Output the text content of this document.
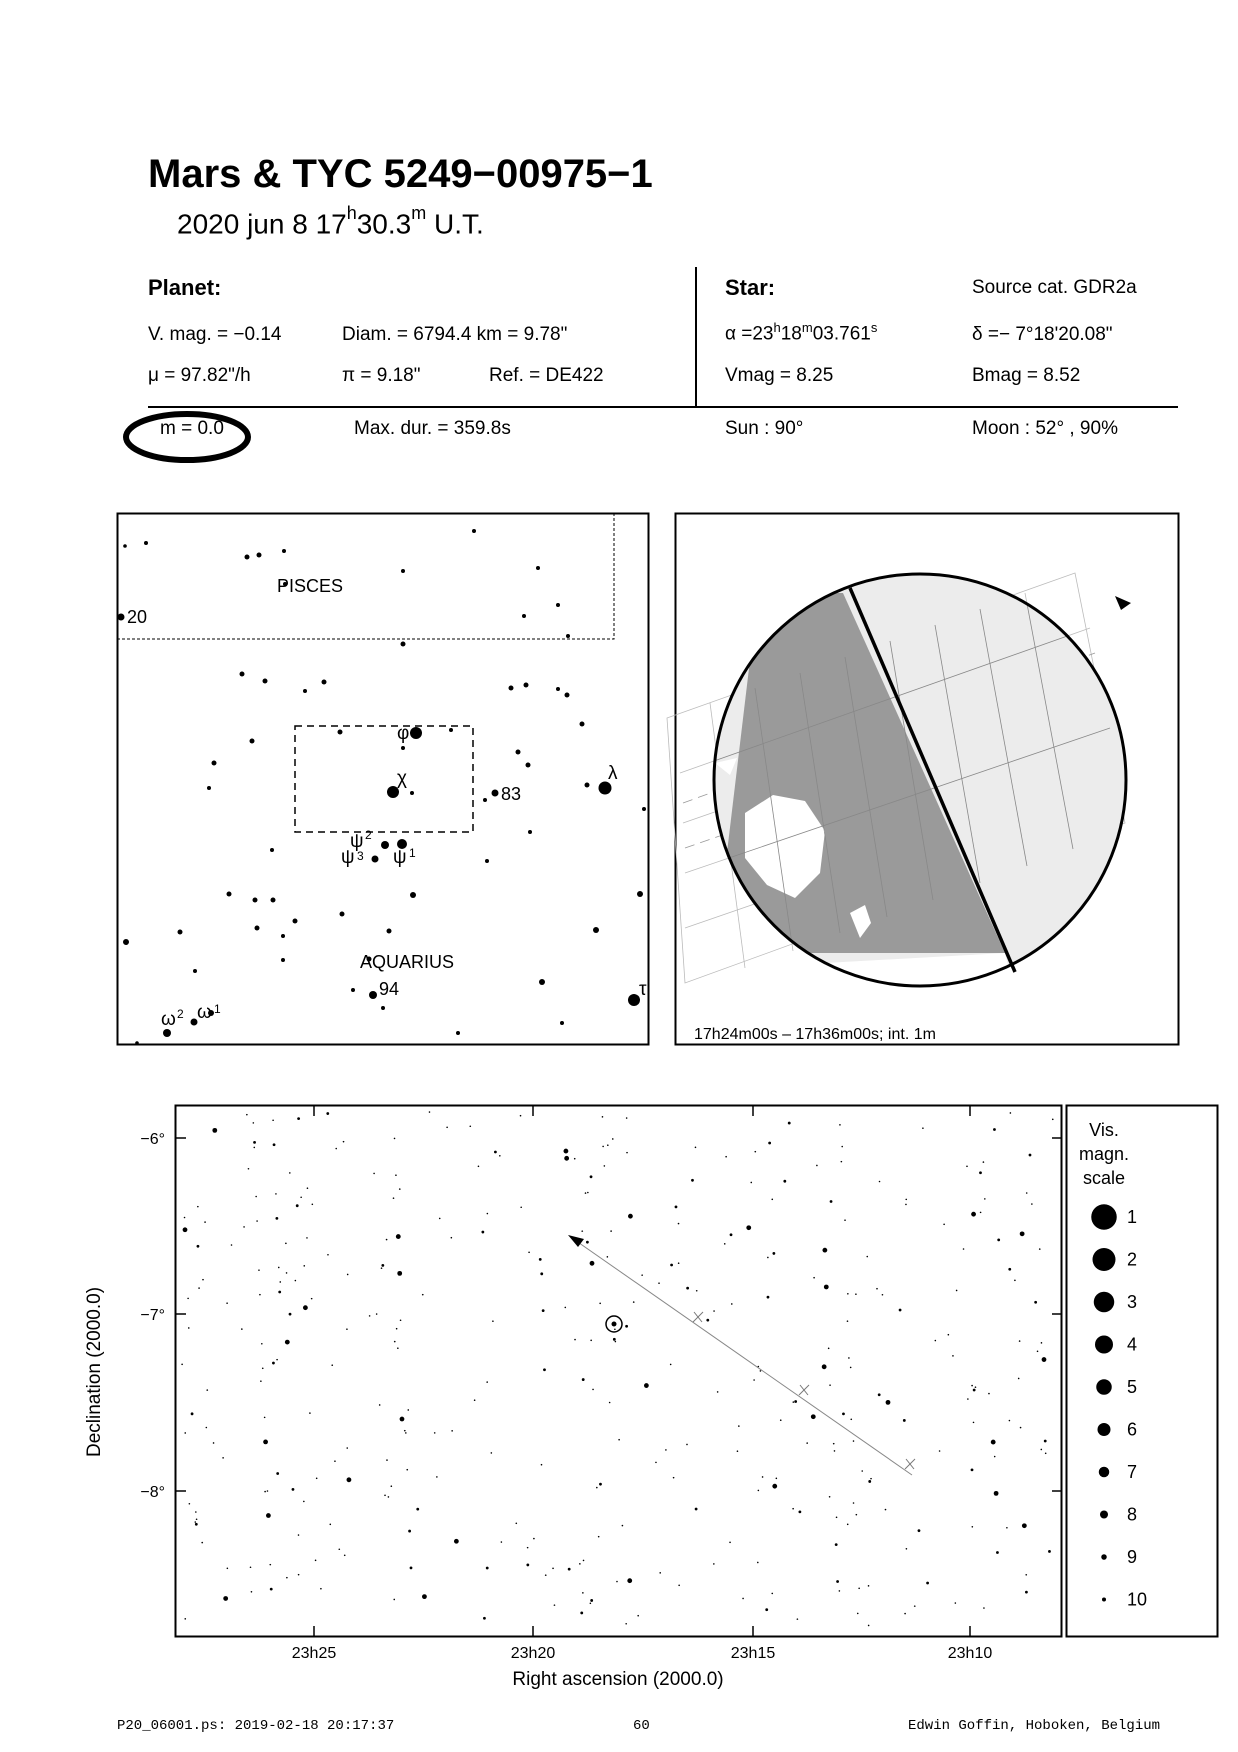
Mars & TYC 5249−00975−1
2020 jun 8 17$^h$30.3$^m$ U.T.
Planet:
V. mag. = −0.14	Diam. = 6794.4 km = 9.78"
μ = 97.82"/h	π = 9.18"	Ref. = DE422
Star:	Source cat. GDR2a
$\alpha =23^h18^m03.761^s$	δ =− 7°18'20.08"
Vmag = 8.25	Bmag = 8.52
m = 0.0	Max. dur. = 359.8s	Sun : 90°	Moon : 52° , 90%
PISCES
AQUARIUS
20
83
94
φ
χ	λ
τ
ψ 2
ψ 1
ψ 3
ω 2 ω 1
17h24m00s – 17h36m00s; int. 1m
−6°
−7°
−8°
23h25	23h20	23h15	23h10
Right ascension (2000.0)
Declination (2000.0)
Vis.
magn.
scale
1
2
3
4
5
6
7
8
9
10
P20_06001.ps: 2019-02-18 20:17:37	60	Edwin Goffin, Hoboken, Belgium
